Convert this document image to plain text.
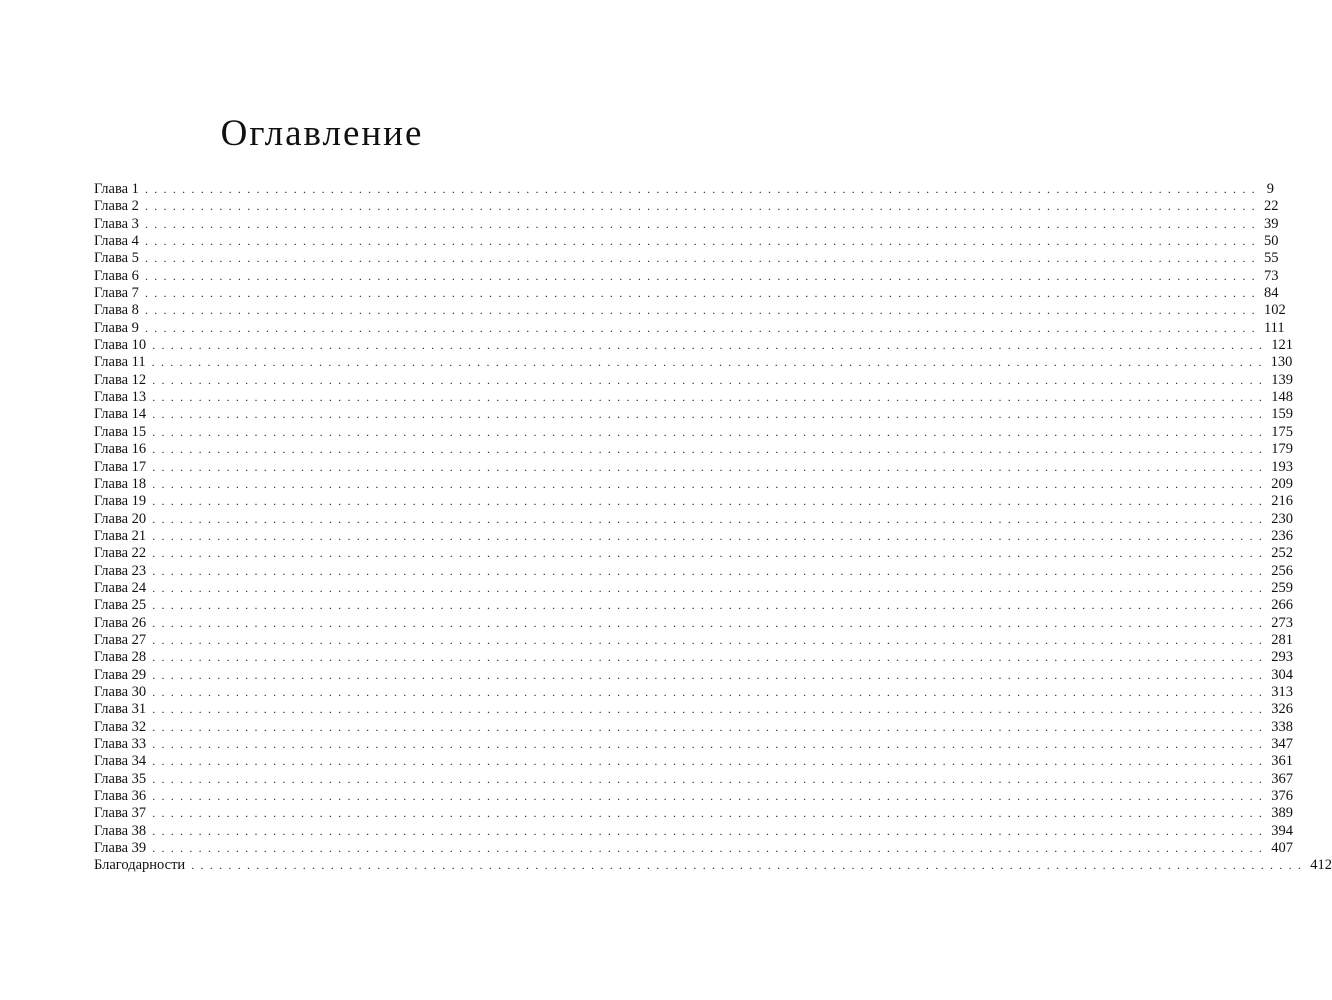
Оглавление
Глава 1 ........................................................................................................................ 9
Глава 2 ........................................................................................................................ 22
Глава 3 ........................................................................................................................ 39
Глава 4 ........................................................................................................................ 50
Глава 5 ........................................................................................................................ 55
Глава 6 ........................................................................................................................ 73
Глава 7 ........................................................................................................................ 84
Глава 8 ........................................................................................................................ 102
Глава 9 ........................................................................................................................ 111
Глава 10 ........................................................................................................................ 121
Глава 11 ........................................................................................................................ 130
Глава 12 ........................................................................................................................ 139
Глава 13 ........................................................................................................................ 148
Глава 14 ........................................................................................................................ 159
Глава 15 ........................................................................................................................ 175
Глава 16 ........................................................................................................................ 179
Глава 17 ........................................................................................................................ 193
Глава 18 ........................................................................................................................ 209
Глава 19 ........................................................................................................................ 216
Глава 20 ........................................................................................................................ 230
Глава 21 ........................................................................................................................ 236
Глава 22 ........................................................................................................................ 252
Глава 23 ........................................................................................................................ 256
Глава 24 ........................................................................................................................ 259
Глава 25 ........................................................................................................................ 266
Глава 26 ........................................................................................................................ 273
Глава 27 ........................................................................................................................ 281
Глава 28 ........................................................................................................................ 293
Глава 29 ........................................................................................................................ 304
Глава 30 ........................................................................................................................ 313
Глава 31 ........................................................................................................................ 326
Глава 32 ........................................................................................................................ 338
Глава 33 ........................................................................................................................ 347
Глава 34 ........................................................................................................................ 361
Глава 35 ........................................................................................................................ 367
Глава 36 ........................................................................................................................ 376
Глава 37 ........................................................................................................................ 389
Глава 38 ........................................................................................................................ 394
Глава 39 ........................................................................................................................ 407
Благодарности ........................................................................................................................ 412
